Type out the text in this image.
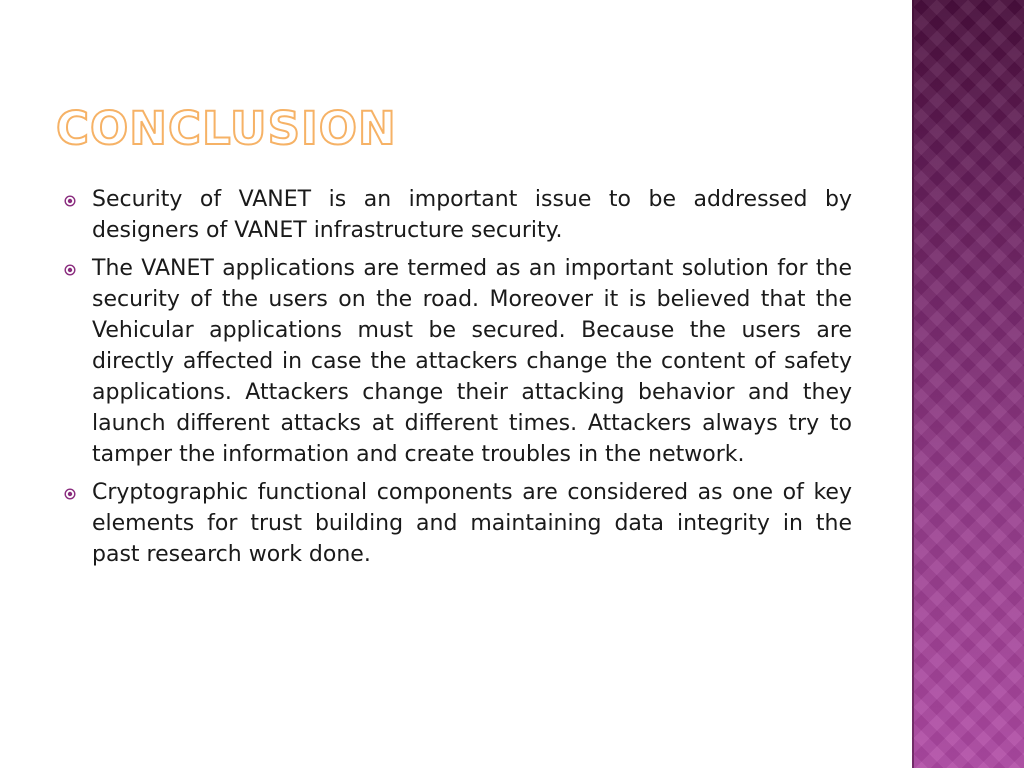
CONCLUSION
Security of VANET is an important issue to be addressed by designers of VANET infrastructure security.
The VANET applications are termed as an important solution for the security of the users on the road. Moreover it is believed that the Vehicular applications must be secured. Because the users are directly affected in case the attackers change the content of safety applications. Attackers change their attacking behavior and they launch different attacks at different times. Attackers always try to tamper the information and create troubles in the network.
Cryptographic functional components are considered as one of key elements for trust building and maintaining data integrity in the past research work done.
